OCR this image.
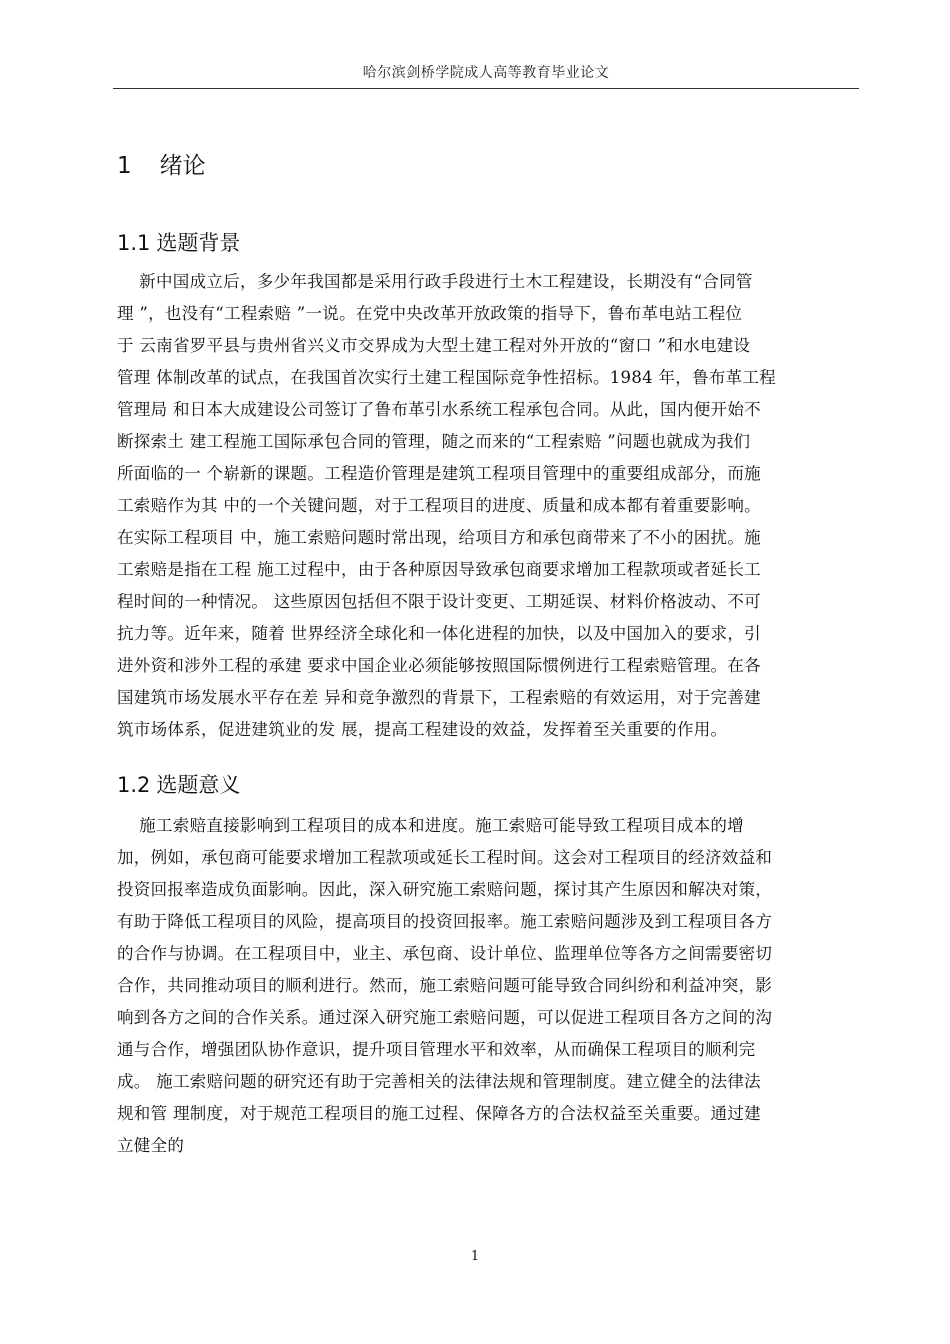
哈尔滨剑桥学院成人高等教育毕业论文
1 绪论
1.1 选题背景
新中国成立后，多少年我国都是采用行政手段进行土木工程建设，长期没有“合同管
理 ”，也没有“工程索赔 ”一说。在党中央改革开放政策的指导下，鲁布革电站工程位
于 云南省罗平县与贵州省兴义市交界成为大型土建工程对外开放的“窗口 ”和水电建设
管理 体制改革的试点，在我国首次实行土建工程国际竞争性招标。1984 年，鲁布革工程
管理局 和日本大成建设公司签订了鲁布革引水系统工程承包合同。从此，国内便开始不
断探索土 建工程施工国际承包合同的管理，随之而来的“工程索赔 ”问题也就成为我们
所面临的一 个崭新的课题。工程造价管理是建筑工程项目管理中的重要组成部分，而施
工索赔作为其 中的一个关键问题，对于工程项目的进度、质量和成本都有着重要影响。
在实际工程项目 中，施工索赔问题时常出现，给项目方和承包商带来了不小的困扰。施
工索赔是指在工程 施工过程中，由于各种原因导致承包商要求增加工程款项或者延长工
程时间的一种情况。 这些原因包括但不限于设计变更、工期延误、材料价格波动、不可
抗力等。近年来，随着 世界经济全球化和一体化进程的加快，以及中国加入的要求，引
进外资和涉外工程的承建 要求中国企业必须能够按照国际惯例进行工程索赔管理。在各
国建筑市场发展水平存在差 异和竞争激烈的背景下，工程索赔的有效运用，对于完善建
筑市场体系，促进建筑业的发 展，提高工程建设的效益，发挥着至关重要的作用。
1.2 选题意义
施工索赔直接影响到工程项目的成本和进度。施工索赔可能导致工程项目成本的增
加，例如，承包商可能要求增加工程款项或延长工程时间。这会对工程项目的经济效益和
投资回报率造成负面影响。因此，深入研究施工索赔问题，探讨其产生原因和解决对策，
有助于降低工程项目的风险，提高项目的投资回报率。施工索赔问题涉及到工程项目各方
的合作与协调。在工程项目中，业主、承包商、设计单位、监理单位等各方之间需要密切
合作，共同推动项目的顺利进行。然而，施工索赔问题可能导致合同纠纷和利益冲突，影
响到各方之间的合作关系。通过深入研究施工索赔问题，可以促进工程项目各方之间的沟
通与合作，增强团队协作意识，提升项目管理水平和效率，从而确保工程项目的顺利完
成。 施工索赔问题的研究还有助于完善相关的法律法规和管理制度。建立健全的法律法
规和管 理制度，对于规范工程项目的施工过程、保障各方的合法权益至关重要。通过建
立健全的
1
